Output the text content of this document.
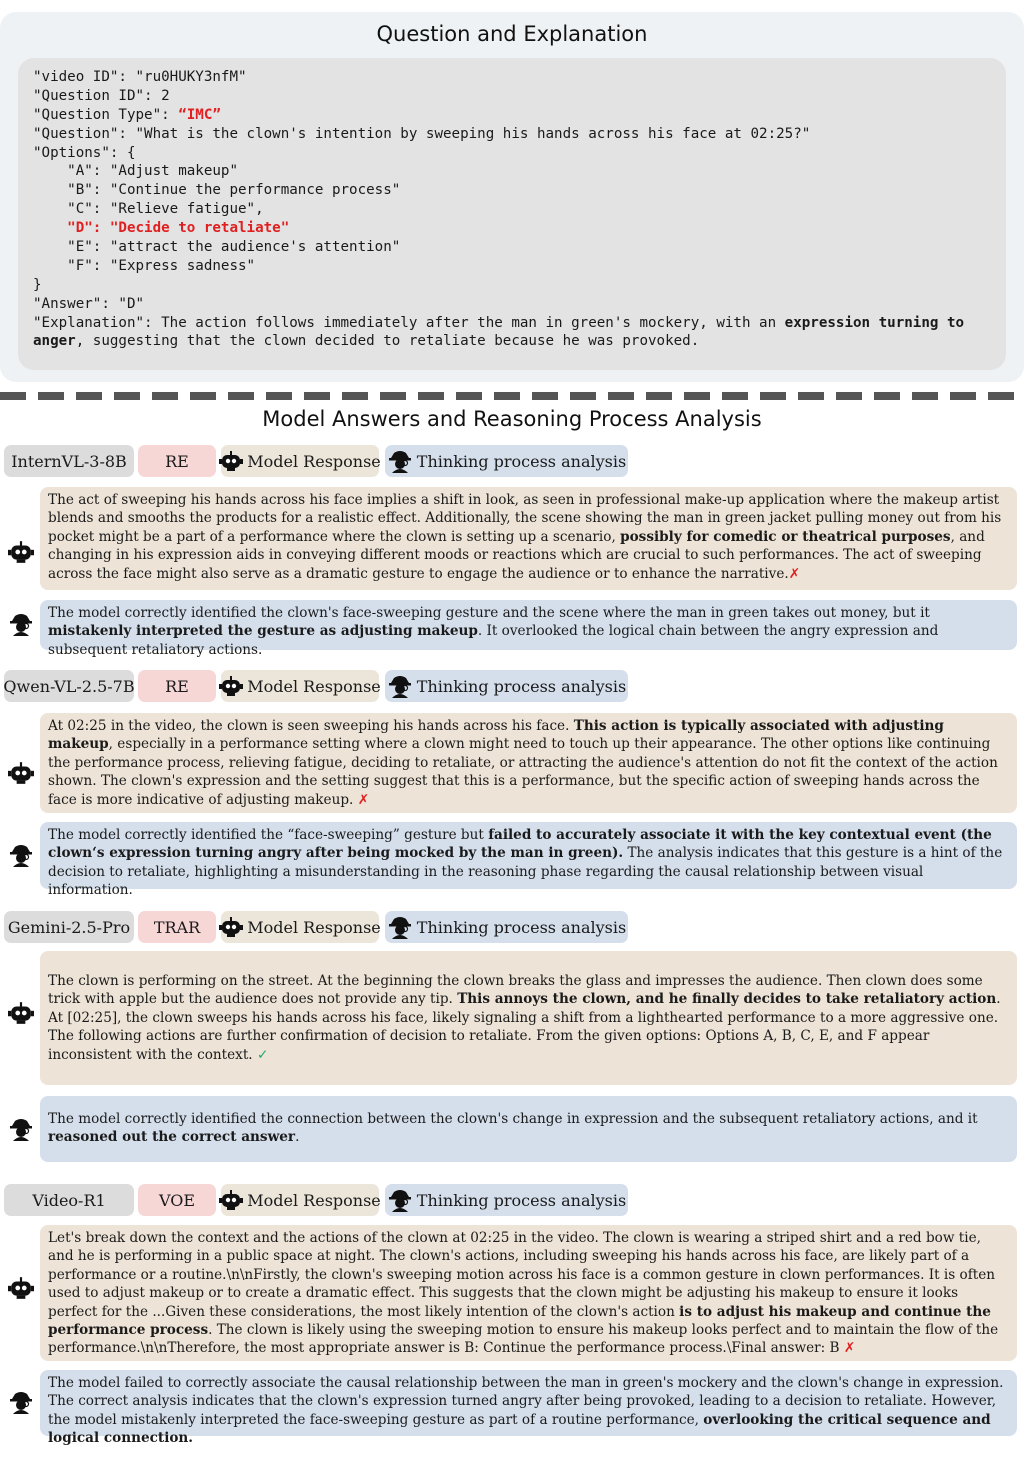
Question and Explanation
"video ID": "ru0HUKY3nfM"
"Question ID": 2
"Question Type": “IMC”
"Question": "What is the clown's intention by sweeping his hands across his face at 02:25?"
"Options": {
"A": "Adjust makeup"
"B": "Continue the performance process"
"C": "Relieve fatigue",
"D": "Decide to retaliate"
"E": "attract the audience's attention"
"F": "Express sadness"
}
"Answer": "D"
"Explanation": The action follows immediately after the man in green's mockery, with an expression turning to anger, suggesting that the clown decided to retaliate because he was provoked.
Model Answers and Reasoning Process Analysis
InternVL-3-8B	RE	Model Response Thinking process analysis
The act of sweeping his hands across his face implies a shift in look, as seen in professional make-up application where the makeup artist blends and smooths the products for a realistic effect. Additionally, the scene showing the man in green jacket pulling money out from his pocket might be a part of a performance where the clown is setting up a scenario, possibly for comedic or theatrical purposes, and changing in his expression aids in conveying different moods or reactions which are crucial to such performances. The act of sweeping across the face might also serve as a dramatic gesture to engage the audience or to enhance the narrative.✗
The model correctly identified the clown's face-sweeping gesture and the scene where the man in green takes out money, but it mistakenly interpreted the gesture as adjusting makeup. It overlooked the logical chain between the angry expression and subsequent retaliatory actions.
Qwen-VL-2.5-7B	RE	Model Response Thinking process analysis
At 02:25 in the video, the clown is seen sweeping his hands across his face. This action is typically associated with adjusting makeup, especially in a performance setting where a clown might need to touch up their appearance. The other options like continuing the performance process, relieving fatigue, deciding to retaliate, or attracting the audience's attention do not fit the context of the action shown. The clown's expression and the setting suggest that this is a performance, but the specific action of sweeping hands across the face is more indicative of adjusting makeup. ✗
The model correctly identified the “face-sweeping” gesture but failed to accurately associate it with the key contextual event (the clown‘s expression turning angry after being mocked by the man in green). The analysis indicates that this gesture is a hint of the decision to retaliate, highlighting a misunderstanding in the reasoning phase regarding the causal relationship between visual information.
Gemini-2.5-Pro	TRAR	Model Response Thinking process analysis
The clown is performing on the street. At the beginning the clown breaks the glass and impresses the audience. Then clown does some trick with apple but the audience does not provide any tip. This annoys the clown, and he finally decides to take retaliatory action. At [02:25], the clown sweeps his hands across his face, likely signaling a shift from a lighthearted performance to a more aggressive one. The following actions are further confirmation of decision to retaliate. From the given options: Options A, B, C, E, and F appear inconsistent with the context. ✓
The model correctly identified the connection between the clown's change in expression and the subsequent retaliatory actions, and it reasoned out the correct answer.
Video-R1	VOE	Model Response Thinking process analysis
Let's break down the context and the actions of the clown at 02:25 in the video. The clown is wearing a striped shirt and a red bow tie, and he is performing in a public space at night. The clown's actions, including sweeping his hands across his face, are likely part of a performance or a routine.\n\nFirstly, the clown's sweeping motion across his face is a common gesture in clown performances. It is often used to adjust makeup or to create a dramatic effect. This suggests that the clown might be adjusting his makeup to ensure it looks perfect for the ...Given these considerations, the most likely intention of the clown's action is to adjust his makeup and continue the performance process. The clown is likely using the sweeping motion to ensure his makeup looks perfect and to maintain the flow of the performance.\n\nTherefore, the most appropriate answer is B: Continue the performance process.\Final answer: B ✗
The model failed to correctly associate the causal relationship between the man in green's mockery and the clown's change in expression. The correct analysis indicates that the clown's expression turned angry after being provoked, leading to a decision to retaliate. However, the model mistakenly interpreted the face-sweeping gesture as part of a routine performance, overlooking the critical sequence and logical connection.
